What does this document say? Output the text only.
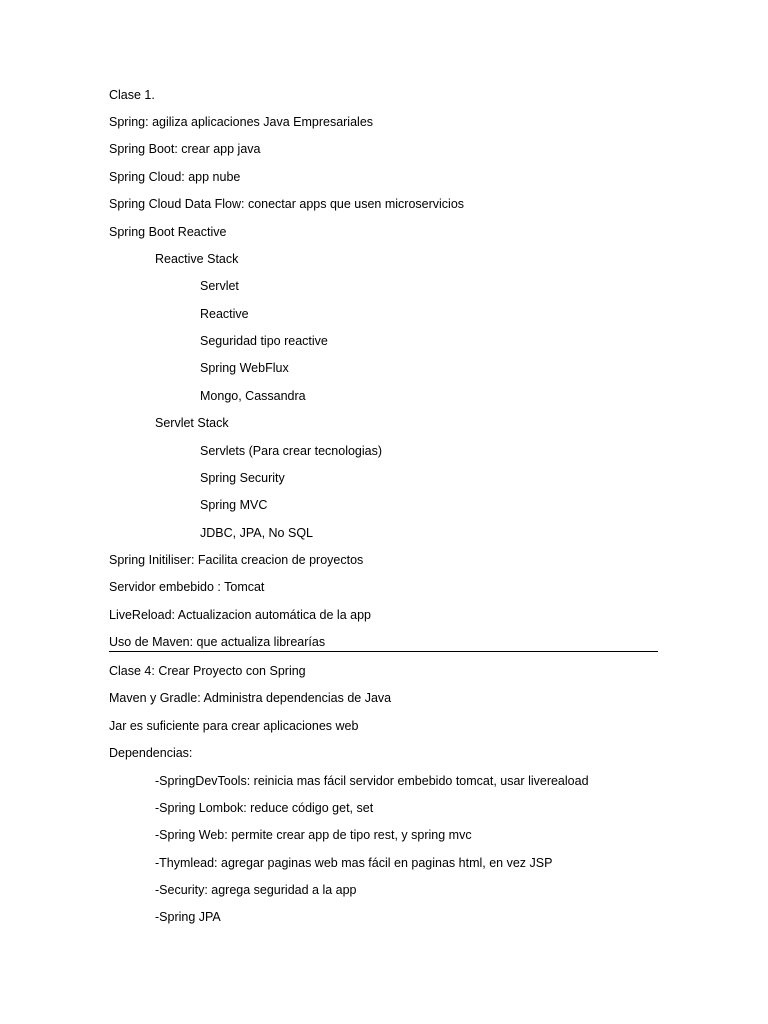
Clase 1.
Spring: agiliza aplicaciones Java Empresariales
Spring Boot: crear app java
Spring Cloud: app nube
Spring Cloud Data Flow: conectar apps que usen microservicios
Spring Boot Reactive
Reactive Stack
Servlet
Reactive
Seguridad tipo reactive
Spring WebFlux
Mongo, Cassandra
Servlet Stack
Servlets (Para crear tecnologias)
Spring Security
Spring MVC
JDBC, JPA, No SQL
Spring Initiliser: Facilita creacion de proyectos
Servidor embebido : Tomcat
LiveReload: Actualizacion automática de la app
Uso de Maven: que actualiza librearías
Clase 4: Crear Proyecto con Spring
Maven y Gradle: Administra dependencias de Java
Jar es suficiente para crear aplicaciones web
Dependencias:
-SpringDevTools: reinicia mas fácil servidor embebido tomcat, usar livereaload
-Spring Lombok: reduce código get, set
-Spring Web: permite crear app de tipo rest, y spring mvc
-Thymlead: agregar paginas web mas fácil en paginas html, en vez JSP
-Security: agrega seguridad a la app
-Spring JPA
